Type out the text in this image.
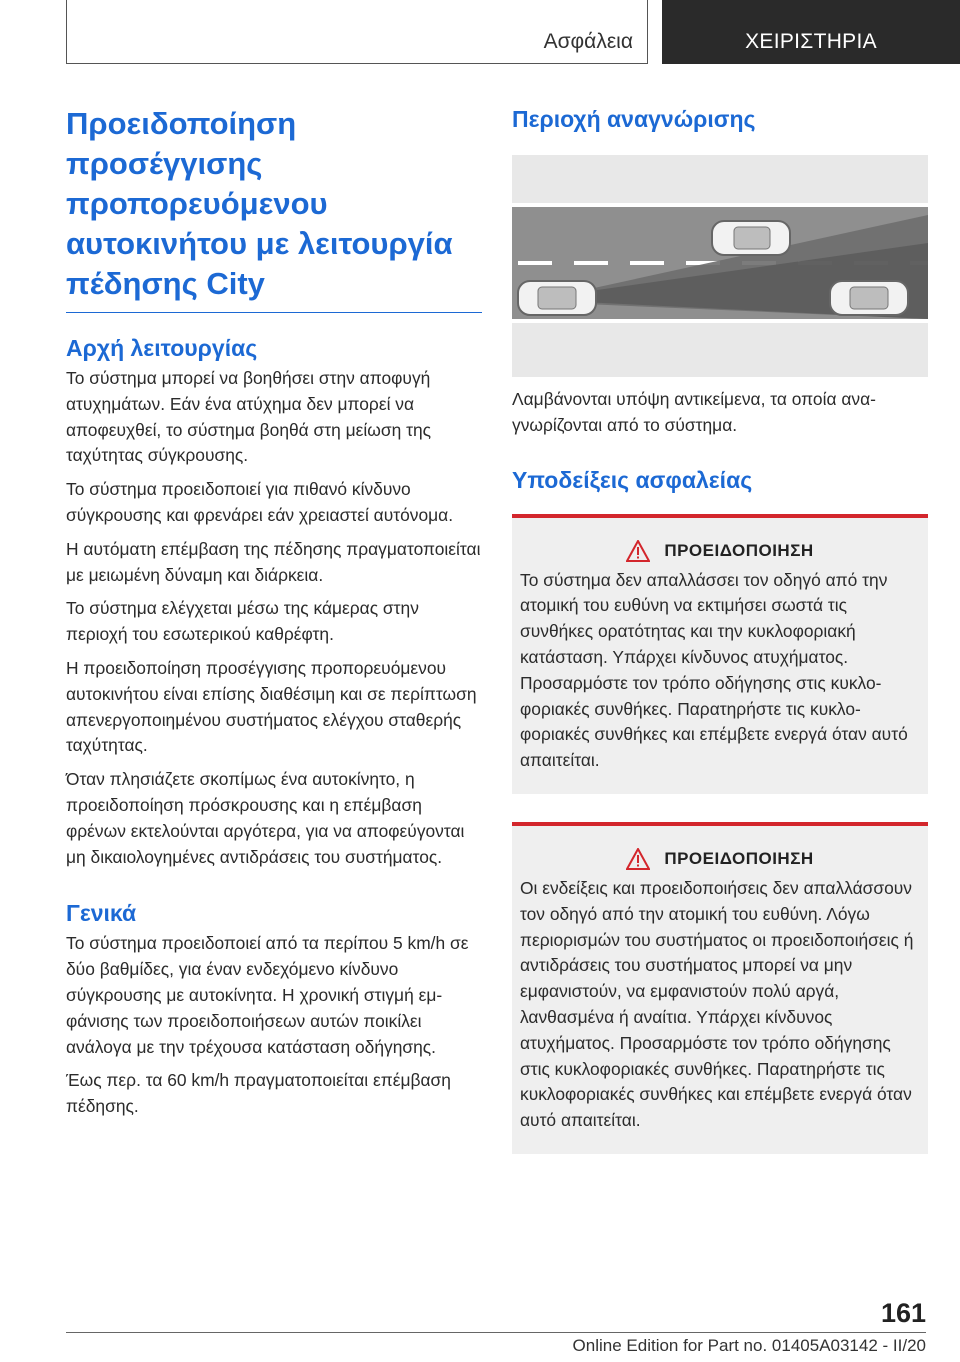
Ασφάλεια	ΧΕΙΡΙΣΤΗΡΙΑ
Προειδοποίηση προσέγγισης προπορευόμενου αυτοκινήτου με λειτουργία πέδησης City
Αρχή λειτουργίας

Το σύστημα μπορεί να βοηθήσει στην αποφυγή ατυχημάτων. Εάν ένα ατύχημα δεν μπορεί να αποφευχθεί, το σύστημα βοηθά στη μείωση της ταχύτητας σύγκρουσης.

Το σύστημα προειδοποιεί για πιθανό κίνδυνο σύγκρουσης και φρενάρει εάν χρειαστεί αυτόνομα.

Η αυτόματη επέμβαση της πέδησης πραγματοποιείται με μειωμένη δύναμη και διάρκεια.

Το σύστημα ελέγχεται μέσω της κάμερας στην περιοχή του εσωτερικού καθρέφτη.

Η προειδοποίηση προσέγγισης προπορευόμενου αυτοκινήτου είναι επίσης διαθέσιμη και σε περίπτωση απενεργοποιημένου συστήματος ελέγχου σταθερής ταχύτητας.

Όταν πλησιάζετε σκοπίμως ένα αυτοκίνητο, η προειδοποίηση πρόσκρουσης και η επέμβαση φρένων εκτελούνται αργότερα, για να αποφεύγονται μη δικαιολογημένες αντιδράσεις του συστήματος.

Γενικά

Το σύστημα προειδοποιεί από τα περίπου 5 km/h σε δύο βαθμίδες, για έναν ενδεχόμενο κίνδυνο σύγκρουσης με αυτοκίνητα. Η χρονική στιγμή εμφάνισης των προειδοποιήσεων αυτών ποικίλει ανάλογα με την τρέχουσα κατάσταση οδήγησης.

Έως περ. τα 60 km/h πραγματοποιείται επέμβαση πέδησης.

Περιοχή αναγνώρισης

Λαμβάνονται υπόψη αντικείμενα, τα οποία αναγνωρίζονται από το σύστημα.

Υποδείξεις ασφαλείας
ΠΡΟΕΙΔΟΠΟΙΗΣΗ

Το σύστημα δεν απαλλάσσει τον οδηγό από την ατομική του ευθύνη να εκτιμήσει σωστά τις συνθήκες ορατότητας και την κυκλοφοριακή κατάσταση. Υπάρχει κίνδυνος ατυχήματος. Προσαρμόστε τον τρόπο οδήγησης στις κυκλοφοριακές συνθήκες. Παρατηρήστε τις κυκλοφοριακές συνθήκες και επέμβετε ενεργά όταν αυτό απαιτείται.

ΠΡΟΕΙΔΟΠΟΙΗΣΗ

Οι ενδείξεις και προειδοποιήσεις δεν απαλλάσσουν τον οδηγό από την ατομική του ευθύνη. Λόγω περιορισμών του συστήματος οι προειδοποιήσεις ή αντιδράσεις του συστήματος μπορεί να μην εμφανιστούν, να εμφανιστούν πολύ αργά, λανθασμένα ή αναίτια. Υπάρχει κίνδυνος ατυχήματος. Προσαρμόστε τον τρόπο οδήγησης στις κυκλοφοριακές συνθήκες. Παρατηρήστε τις κυκλοφοριακές συνθήκες και επέμβετε ενεργά όταν αυτό απαιτείται.

161
Online Edition for Part no. 01405A03142 - II/20
